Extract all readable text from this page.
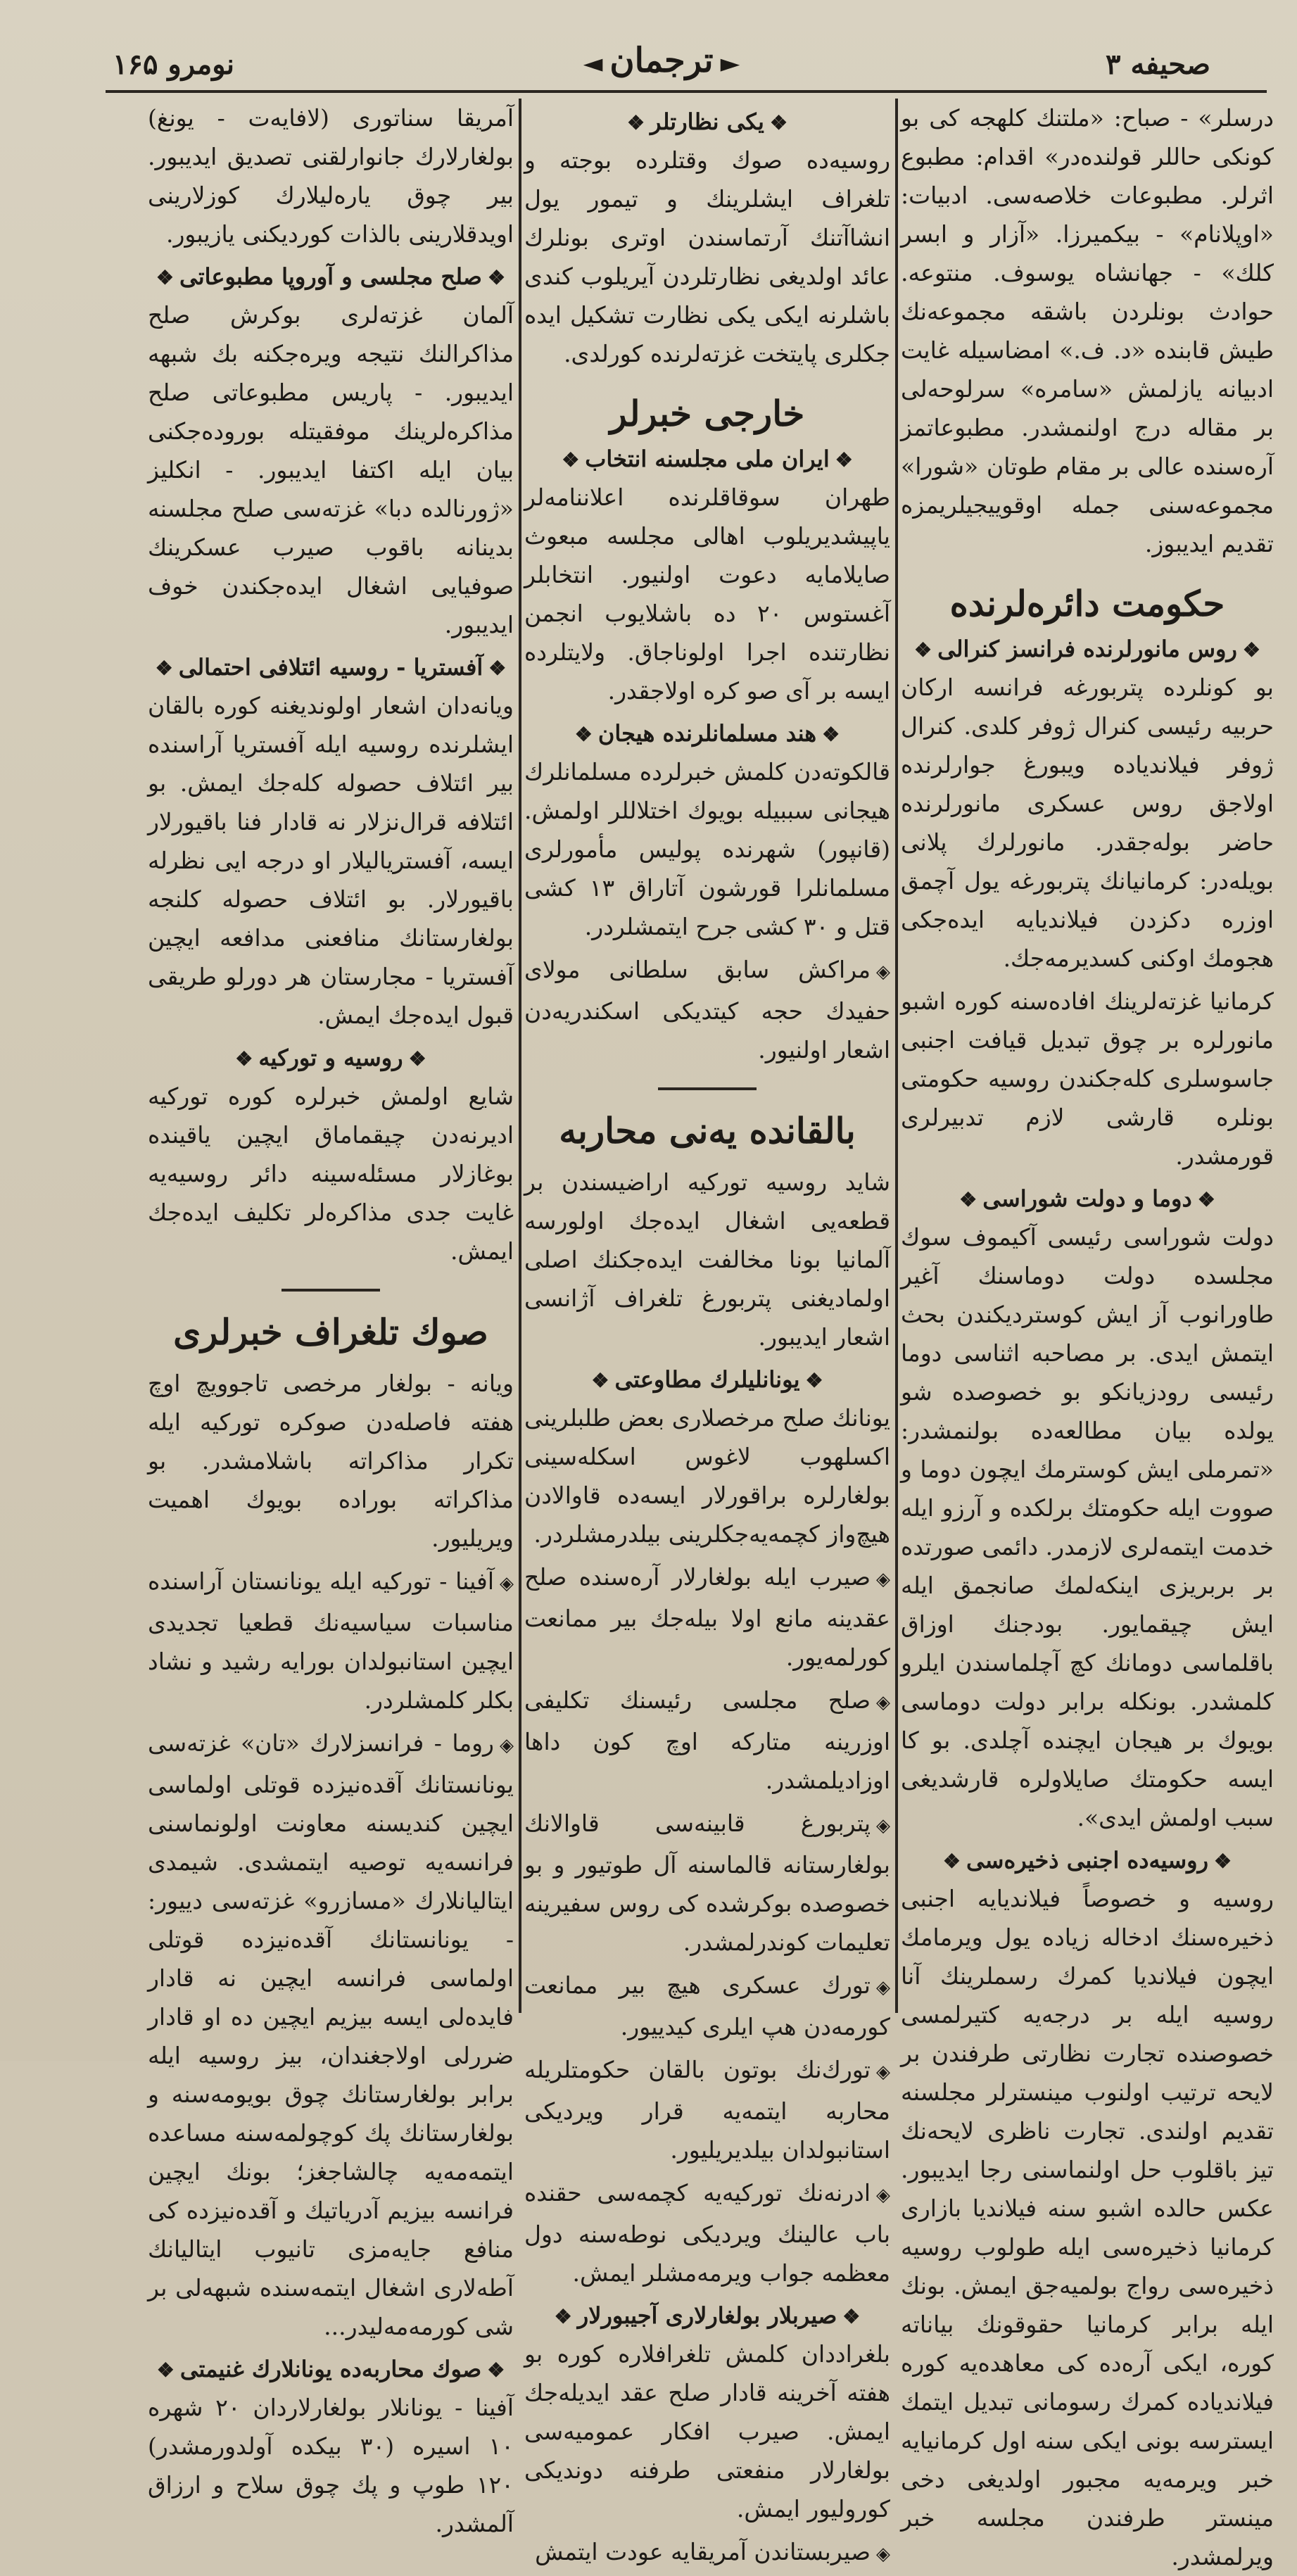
صحیفه ۳
►ترجمان◄
نومرو ۱۶۵

درسلر» - صباح: «ملتنك كلهجه كی بو كونكی حاللر قولنده‌در» اقدام: مطبوع اثرلر. مطبوعات خلاصه‌سی. ادبیات: «اوپلانام» - بیكمیرزا. «آزار و ابسر كلك» - جهانشاه یوسوف. منتوعه. حوادث بونلردن باشقه مجموعه‌نك طیش قابنده «د. ف.» امضاسیله غایت ادبیانه یازلمش «سامره» سرلوحه‌لی بر مقاله درج اولنمشدر. مطبوعاتمز آره‌سنده عالی بر مقام طوتان «شورا» مجموعه‌سنی جمله اوقوییجیلریمزه تقدیم ایدیبوز.

حكومت دائره‌لرنده
❖روس مانورلرنده فرانسز كنرالی❖

بو كونلرده پتربورغه فرانسه اركان حربیه رئیسی كنرال ژوفر كلدی. كنرال ژوفر فیلاندیاده ویبورغ جوارلرنده اولاجق روس عسكری مانورلرنده حاضر بوله‌جقدر. مانورلرك پلانی بویله‌در: كرمانیانك پتربورغه یول آچمق اوزره دكزدن فیلاندیایه ایده‌جكی هجومك اوكنی كسدیرمه‌جك.

كرمانیا غزته‌لرینك افاده‌سنه كوره اشبو مانورلره بر چوق تبدیل قیافت اجنبی جاسوسلری كله‌جكندن روسیه حكومتی بونلره قارشی لازم تدبیرلری قورمشدر.

❖دوما و دولت شوراسی❖

دولت شوراسی رئیسی آكیموف سوك مجلسده دولت دوماسنك آغیر طاورانوب آز ایش كوستردیكندن بحث ایتمش ایدی. بر مصاحبه اثناسی دوما رئیسی رودزیانكو بو خصوصده شو یولده بیان مطالعه‌ده بولنمشدر: «تمرملی ایش كوسترمك ایچون دوما و صووت ایله حكومتك برلكده و آرزو ایله خدمت ایتمه‌لری لازمدر. دائمی صورتده بر بربریزی اینكه‌لمك صانجمق ایله ایش چیقمایور. بودجنك اوزاق باقلماسی دومانك كچ آچلماسندن ایلرو كلمشدر. بونكله برابر دولت دوماسی بویوك بر هیجان ایچنده آچلدی. بو كا ایسه حكومتك صایلاولره قارشدیغی سبب اولمش ایدی».

❖روسیه‌ده اجنبی ذخیره‌سی❖

روسیه و خصوصاً فیلاندیایه اجنبی ذخیره‌سنك ادخاله زیاده یول ویرمامك ایچون فیلاندیا كمرك رسملرینك آنا روسیه ایله بر درجه‌یه كتیرلمسی خصوصنده تجارت نظارتی طرفندن بر لایحه ترتیب اولنوب مینسترلر مجلسنه تقدیم اولندی. تجارت ناظری لایحه‌نك تیز باقلوب حل اولنماسنی رجا ایدیبور. عكس حالده اشبو سنه فیلاندیا بازاری كرمانیا ذخیره‌سی ایله طولوب روسیه ذخیره‌سی رواج بولمیه‌جق ایمش. بونك ایله برابر كرمانیا حقوقونك بیاناته كوره، ایكی آره‌ده كی معاهده‌یه كوره فیلاندیاده كمرك رسومانی تبدیل ایتمك ایسترسه بونی ایكی سنه اول كرمانیایه خبر ویرمه‌یه مجبور اولدیغی دخی مینستر طرفندن مجلسه خبر ویرلمشدر.

❖یكی نظارتلر❖

روسیه‌ده صوك وقتلرده بوجته و تلغراف ایشلرینك و تیمور یول انشاآتنك آرتماسندن اوتری بونلرك عائد اولدیغی نظارتلردن آیریلوب كندی باشلرنه ایكی یكی نظارت تشكیل ایده جكلری پایتخت غزته‌لرنده كورلدی.

خارجی خبرلر
❖ایران ملی مجلسنه انتخاب❖

طهران سوقاقلرنده اعلاننامه‌لر یاپیشدیریلوب اهالی مجلسه مبعوث صایلامایه دعوت اولنیور. انتخابلر آغستوس ۲۰ ده باشلایوب انجمن نظارتنده اجرا اولوناجاق. ولایتلرده ایسه بر آی صو كره اولاجقدر.

❖هند مسلمانلرنده هیجان❖

قالكوته‌دن كلمش خبرلرده مسلمانلرك هیجانی سببیله بویوك اختلاللر اولمش. (قانپور) شهرنده پولیس مأمورلری مسلمانلرا قورشون آتاراق ۱۳ كشی قتل و ۳۰ كشی جرح ایتمشلردر.

◈مراكش سابق سلطانی مولای حفیدك حجه كیتدیكی اسكندریه‌دن اشعار اولنیور.

بالقانده یه‌نی محاربه

شاید روسیه توركیه اراضیسندن بر قطعه‌یی اشغال ایده‌جك اولورسه آلمانیا بونا مخالفت ایده‌جكنك اصلی اولمادیغنی پتربورغ تلغراف آژانسی اشعار ایدیبور.

❖یونانلیلرك مطاوعتی❖

یونانك صلح مرخصلاری بعض طلبلرینی اكسلهوب لاغوس اسكله‌سینی بولغارلره براقورلار ایسه‌ده قاوالادن هیچ‌واز كچمه‌یه‌جكلرینی بیلدرمشلردر.

◈صیرب ایله بولغارلار آره‌سنده صلح عقدینه مانع اولا بیله‌جك بیر ممانعت كورلمه‌یور.

◈صلح مجلسی رئیسنك تكلیفی اوزرینه متاركه اوچ كون داها اوزادیلمشدر.

◈پتربورغ قابینه‌سی قاوالانك بولغارستانه قالماسنه آل طوتیور و بو خصوصده بوكرشده كی روس سفیرینه تعلیمات كوندرلمشدر.

◈تورك عسكری هیچ بیر ممانعت كورمه‌دن هپ ایلری كیدییور.

◈تورك‌نك بوتون بالقان حكومتلریله محاربه ایتمه‌یه قرار ویردیكی استانبولدان بیلدیریلیور.

◈ادرنه‌نك توركیه‌یه كچمه‌سی حقنده باب عالینك ویردیكی نوطه‌سنه دول معظمه جواب ویرمه‌مشلر ایمش.

❖صیربلار بولغارلاری آجیبورلار❖

بلغراددان كلمش تلغرافلاره كوره بو هفته آخرینه قادار صلح عقد ایدیله‌جك ایمش. صیرب افكار عمومیه‌سی بولغارلار منفعتی طرفنه دوندیكی كورولیور ایمش.

◈صیربستاندن آمریقایه عودت ایتمش

آمریقا سناتوری (لافایه‌ت - یونغ) بولغارلارك جانوارلقنی تصدیق ایدیبور. بیر چوق یاره‌لیلارك كوزلارینی اویدقلارینی بالذات كوردیكنی یازیبور.

❖صلح مجلسی و آوروپا مطبوعاتی❖

آلمان غزته‌لری بوكرش صلح مذاكرالنك نتیجه ویره‌جكنه بك شبهه ایدیبور. - پاریس مطبوعاتی صلح مذاكره‌لرینك موفقیتله بوروده‌جكنی بیان ایله اكتفا ایدیبور. - انكلیز «ژورنالده دبا» غزته‌سی صلح مجلسنه بدینانه باقوب صیرب عسكرینك صوفیایی اشغال ایده‌جكندن خوف ایدیبور.

❖آفستریا - روسیه ائتلافی احتمالی❖

ویانه‌دان اشعار اولوندیغنه كوره بالقان ایشلرنده روسیه ایله آفستریا آراسنده بیر ائتلاف حصوله كله‌جك ایمش. بو ائتلافه قرال‌نزلار نه قادار فنا باقیورلار ایسه، آفستریالیلار او درجه ایی نظرله باقیورلار. بو ائتلاف حصوله كلنجه بولغارستانك منافعنی مدافعه ایچین آفستریا - مجارستان هر دورلو طریقی قبول ایده‌جك ایمش.

❖روسیه و توركیه❖

شایع اولمش خبرلره كوره توركیه ادیرنه‌دن چیقماماق ایچین یاقینده بوغازلار مسئله‌سینه دائر روسیه‌یه غایت جدی مذاكره‌لر تكلیف ایده‌جك ایمش.

صوك تلغراف خبرلری

ویانه - بولغار مرخصی تاجوویچ اوچ هفته فاصله‌دن صوكره توركیه ایله تكرار مذاكراته باشلامشدر. بو مذاكراته بوراده بویوك اهمیت ویریلیور.

◈آفینا - توركیه ایله یونانستان آراسنده مناسبات سیاسیه‌نك قطعیا تجدیدی ایچین استانبولدان بورایه رشید و نشاد بكلر كلمشلردر.

◈روما - فرانسزلارك «تان» غزته‌سی یونانستانك آقده‌نیزده قوتلی اولماسی ایچین كندیسنه معاونت اولونماسنی فرانسه‌یه توصیه ایتمشدی. شیمدی ایتالیانلارك «مسازرو» غزته‌سی دییور: - یونانستانك آقده‌نیزده قوتلی اولماسی فرانسه ایچین نه قادار فایده‌لی ایسه بیزیم ایچین ده او قادار ضررلی اولاجغندان، بیز روسیه ایله برابر بولغارستانك چوق بویومه‌سنه و بولغارستانك پك كوچولمه‌سنه مساعده ایتمه‌مه‌یه چالشاجغز؛ بونك ایچین فرانسه بیزیم آدریاتیك و آقده‌نیزده كی منافع جایه‌مزی تانیوب ایتالیانك آطه‌لاری اشغال ایتمه‌سنده شبهه‌لی بر شی كورمه‌مه‌لیدر...

❖صوك محاربه‌ده یونانلارك غنیمتی❖

آفینا - یونانلار بولغارلاردان ۲۰ شهره ۱۰ اسیره (۳۰ بیكده آولدورمشدر) ۱۲۰ طوپ و پك چوق سلاح و ارزاق آلمشدر.
